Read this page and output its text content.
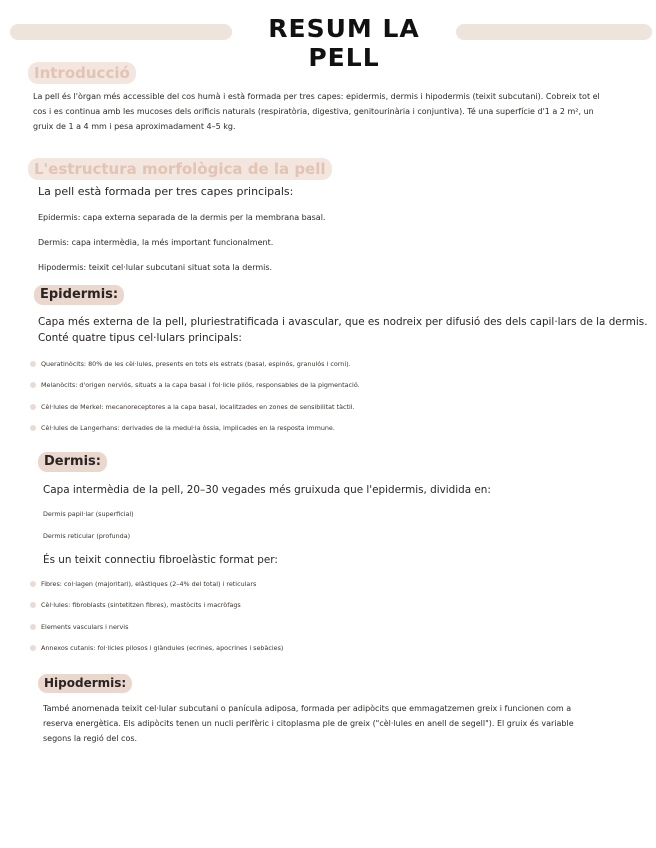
RESUM LA PELL
Introducció

La pell és l'òrgan més accessible del cos humà i està formada per tres capes: epidermis, dermis i hipodermis (teixit subcutani). Cobreix tot el

cos i es continua amb les mucoses dels orificis naturals (respiratòria, digestiva, genitourinària i conjuntiva). Té una superfície d'1 a 2 m², un

gruix de 1 a 4 mm i pesa aproximadament 4–5 kg.

L'estructura morfològica de la pell

La pell està formada per tres capes principals:

Epidermis: capa externa separada de la dermis per la membrana basal.

Dermis: capa intermèdia, la més important funcionalment.

Hipodermis: teixit cel·lular subcutani situat sota la dermis.

Epidermis:

Capa més externa de la pell, pluriestratificada i avascular, que es nodreix per difusió des dels capil·lars de la dermis.

Conté quatre tipus cel·lulars principals:

Queratinòcits: 80% de les cèl·lules, presents en tots els estrats (basal, espinós, granulós i corni).
Melanòcits: d'origen nerviós, situats a la capa basal i fol·licle pilós, responsables de la pigmentació.
Cèl·lules de Merkel: mecanoreceptores a la capa basal, localitzades en zones de sensibilitat tàctil.
Cèl·lules de Langerhans: derivades de la medul·la òssia, implicades en la resposta immune.
Dermis:

Capa intermèdia de la pell, 20–30 vegades més gruixuda que l'epidermis, dividida en:

Dermis papil·lar (superficial)

Dermis reticular (profunda)

És un teixit connectiu fibroelàstic format per:

Fibres: col·lagen (majoritari), elàstiques (2–4% del total) i reticulars
Cèl·lules: fibroblasts (sintetitzen fibres), mastòcits i macròfags
Elements vasculars i nervis
Annexos cutanis: fol·licles pilosos i glàndules (ecrines, apocrines i sebàcies)
Hipodermis:

També anomenada teixit cel·lular subcutani o panícula adiposa, formada per adipòcits que emmagatzemen greix i funcionen com a

reserva energètica. Els adipòcits tenen un nucli perifèric i citoplasma ple de greix ("cèl·lules en anell de segell"). El gruix és variable

segons la regió del cos.
